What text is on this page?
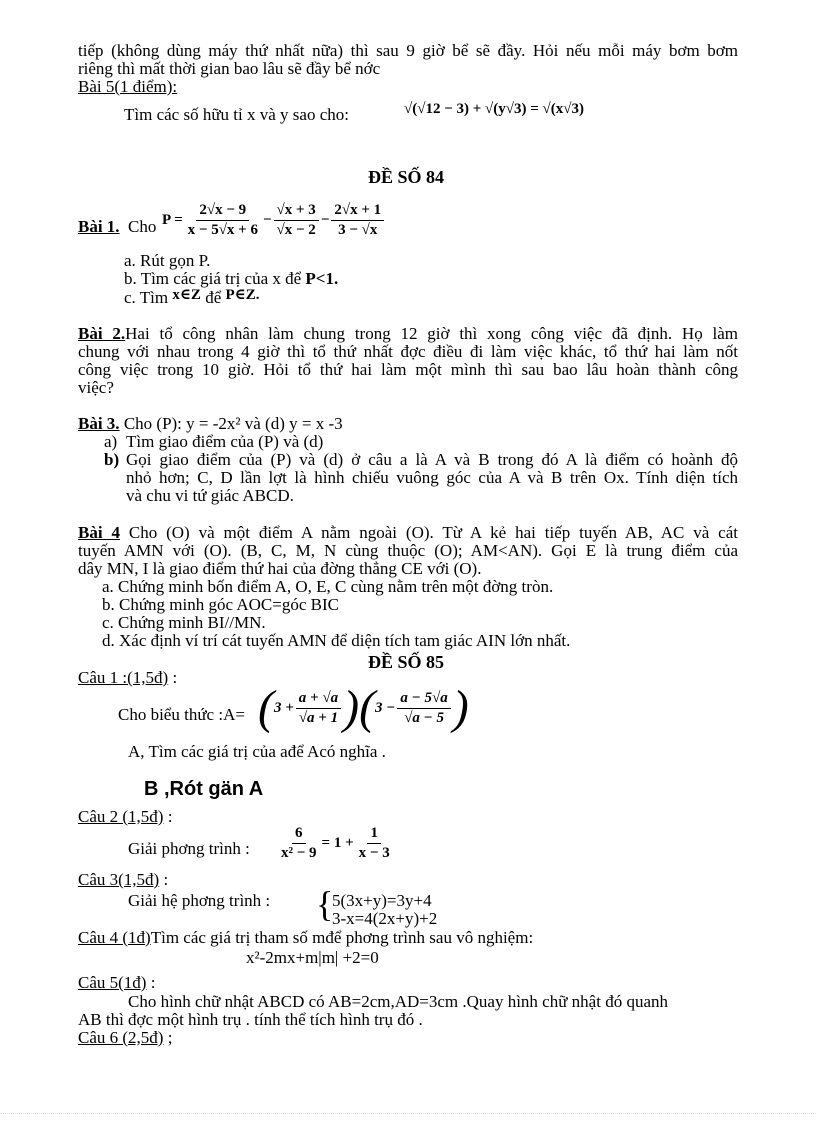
tiếp (không dùng máy thứ nhất nữa) thì sau 9 giờ bể sẽ đầy. Hỏi nếu mỗi máy bơm bơm
riêng thì mất thời gian bao lâu sẽ đầy bể nớc
Bài 5(1 điểm):
Tìm các số hữu tỉ x và y sao cho:	√(√12 − 3) + √(y√3) = √(x√3)
ĐỀ SỐ 84
Bài 1. Cho $P = \frac{2√x - 9}{x - 5√x + 6} - \frac{√x + 3}{√x - 2} - \frac{2√x + 1}{3 - √x}$
a. Rút gọn P.
b. Tìm các giá trị của x để P<1.
c. Tìm x∈Z để P∈Z.
Bài 2.Hai tổ công nhân làm chung trong 12 giờ thì xong công việc đã định. Họ làm
chung với nhau trong 4 giờ thì tổ thứ nhất đợc điều đi làm việc khác, tổ thứ hai làm nốt
công việc trong 10 giờ. Hỏi tổ thứ hai làm một mình thì sau bao lâu hoàn thành công
việc?
Bài 3. Cho (P): y = -2x² và (d) y = x -3
a) Tìm giao điểm của (P) và (d)
b) Gọi giao điểm của (P) và (d) ở câu a là A và B trong đó A là điểm có hoành độ
nhỏ hơn; C, D lần lợt là hình chiếu vuông góc của A và B trên Ox. Tính diện tích
và chu vi tứ giác ABCD.
Bài 4 Cho (O) và một điểm A nằm ngoài (O). Từ A kẻ hai tiếp tuyến AB, AC và cát
tuyến AMN với (O). (B, C, M, N cùng thuộc (O); AM<AN). Gọi E là trung điểm của
dây MN, I là giao điểm thứ hai của đờng thẳng CE với (O).
a. Chứng minh bốn điểm A, O, E, C cùng nằm trên một đờng tròn.
b. Chứng minh góc AOC=góc BIC
c. Chứng minh BI//MN.
d. Xác định ví trí cát tuyến AMN để diện tích tam giác AIN lớn nhất.
ĐỀ SỐ 85
Câu 1 :(1,5đ) :
Cho biểu thức :A= ( $3 + \frac{a + √a}{√a + 1}$ ) ( $3 - \frac{a - 5√a}{√a - 5}$ )
A, Tìm các giá trị của ađể Acó nghĩa .
B ,Rót gän A
Câu 2 (1,5đ) :
Giải phơng trình : $\frac{6}{\text{x² − 9}} = 1 + \frac{1}{x - 3}$
Câu 3(1,5đ) :
Giải hệ phơng trình : {
5(3x+y)=3y+4
3-x=4(2x+y)+2
Câu 4 (1đ)Tìm các giá trị tham số mđể phơng trình sau vô nghiệm:
x²-2mx+m|m| +2=0
Câu 5(1đ) :
Cho hình chữ nhật ABCD có AB=2cm,AD=3cm .Quay hình chữ nhật đó quanh
AB thì đợc một hình trụ . tính thể tích hình trụ đó .
Câu 6 (2,5đ) ;
